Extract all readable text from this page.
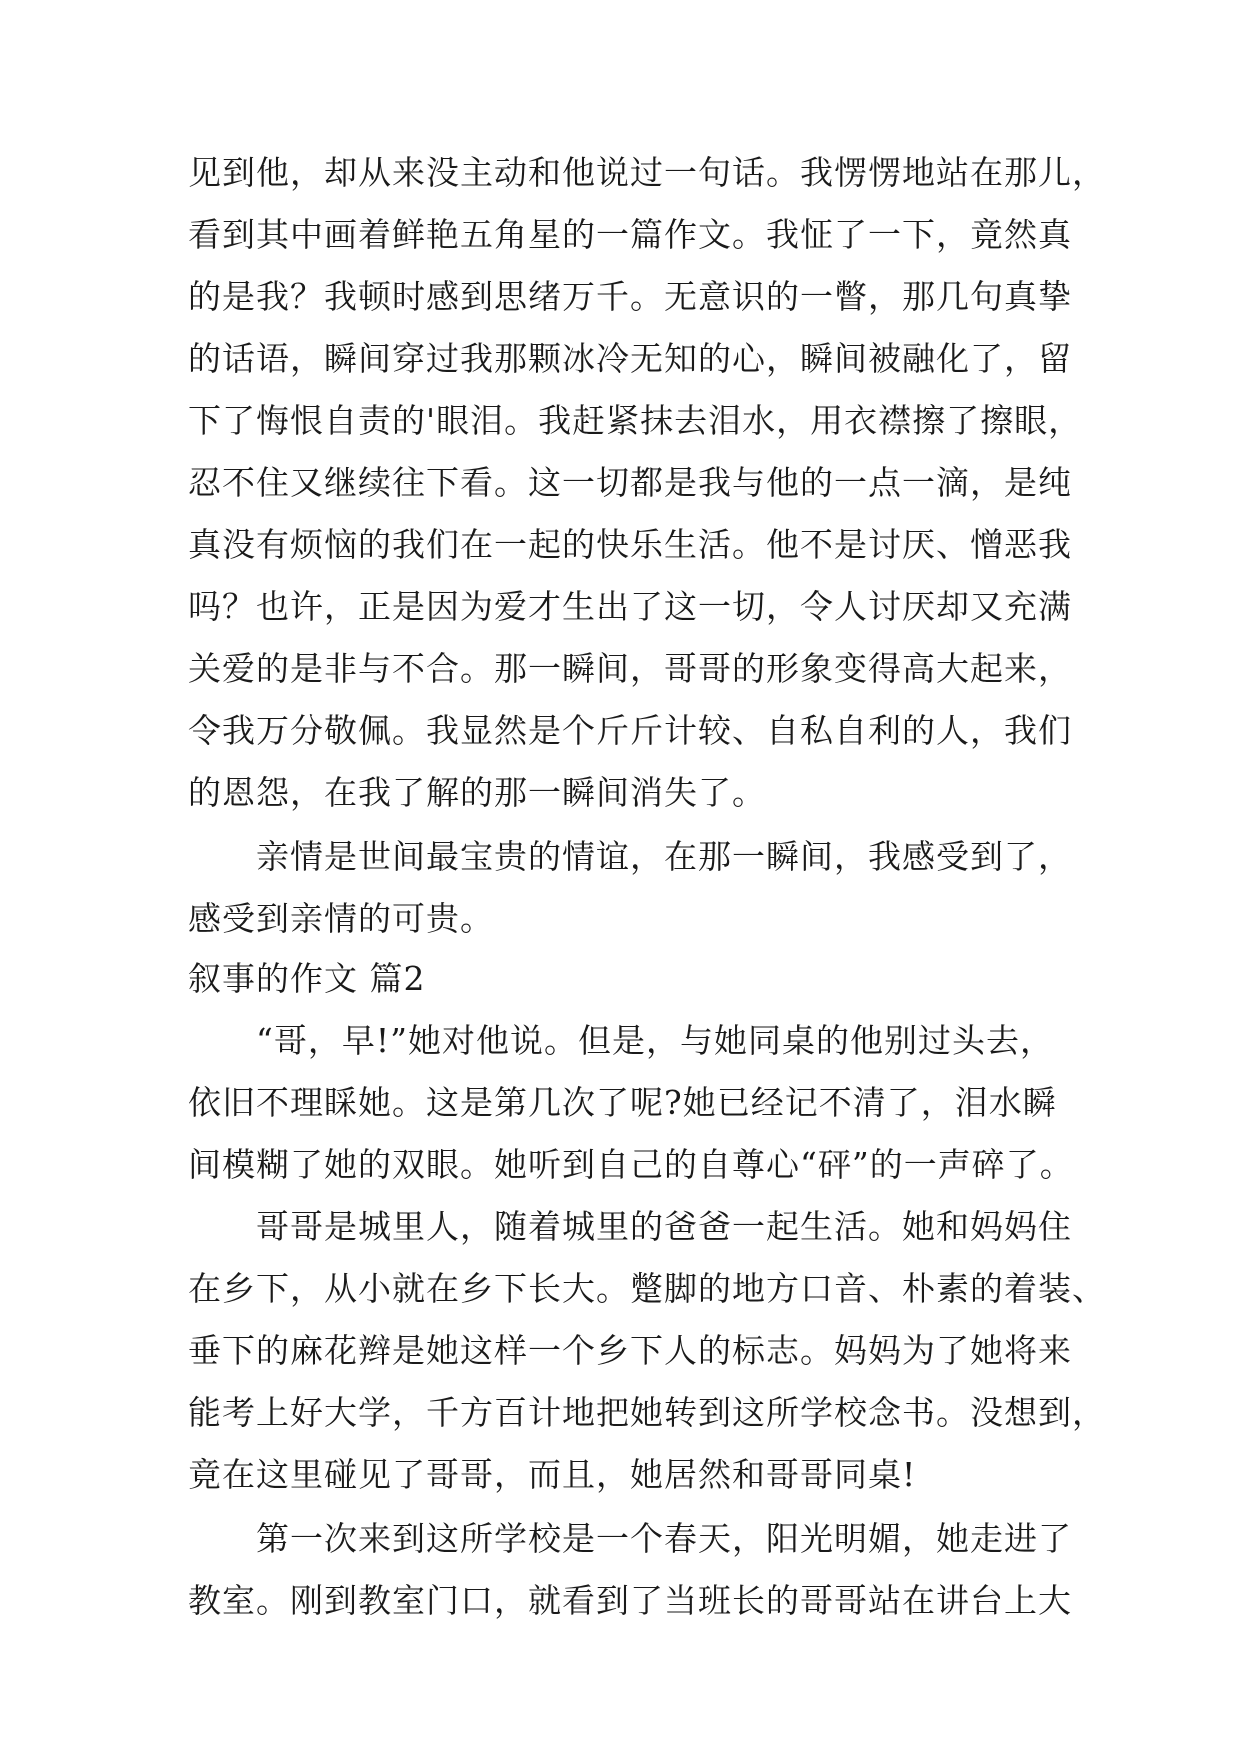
见到他，却从来没主动和他说过一句话。我愣愣地站在那儿，
看到其中画着鲜艳五角星的一篇作文。我怔了一下，竟然真
的是我？我顿时感到思绪万千。无意识的一瞥，那几句真挚
的话语，瞬间穿过我那颗冰冷无知的心，瞬间被融化了，留
下了悔恨自责的'眼泪。我赶紧抹去泪水，用衣襟擦了擦眼，
忍不住又继续往下看。这一切都是我与他的一点一滴，是纯
真没有烦恼的我们在一起的快乐生活。他不是讨厌、憎恶我
吗？也许，正是因为爱才生出了这一切，令人讨厌却又充满
关爱的是非与不合。那一瞬间，哥哥的形象变得高大起来，
令我万分敬佩。我显然是个斤斤计较、自私自利的人，我们
的恩怨，在我了解的那一瞬间消失了。
亲情是世间最宝贵的情谊，在那一瞬间，我感受到了，
感受到亲情的可贵。
叙事的作文 篇2
“哥，早!”她对他说。但是，与她同桌的他别过头去，
依旧不理睬她。这是第几次了呢?她已经记不清了，泪水瞬
间模糊了她的双眼。她听到自己的自尊心“砰”的一声碎了。
哥哥是城里人，随着城里的爸爸一起生活。她和妈妈住
在乡下，从小就在乡下长大。蹩脚的地方口音、朴素的着装、
垂下的麻花辫是她这样一个乡下人的标志。妈妈为了她将来
能考上好大学，千方百计地把她转到这所学校念书。没想到，
竟在这里碰见了哥哥，而且，她居然和哥哥同桌!
第一次来到这所学校是一个春天，阳光明媚，她走进了
教室。刚到教室门口，就看到了当班长的哥哥站在讲台上大
